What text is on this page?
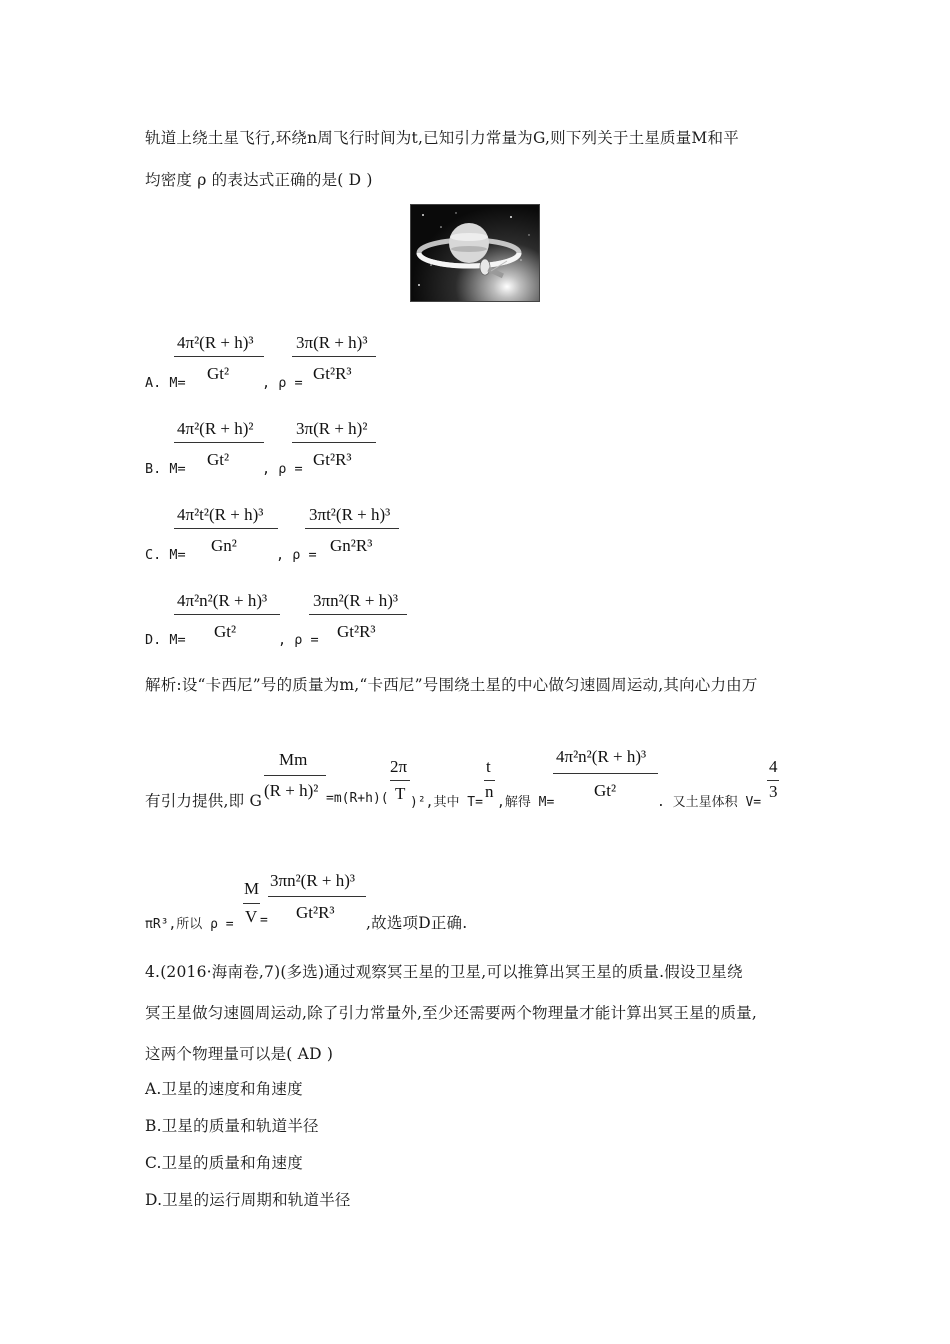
轨道上绕土星飞行,环绕n周飞行时间为t,已知引力常量为G,则下列关于土星质量M和平
均密度 ρ 的表达式正确的是( D )
4π²(R + h)³
Gt²
3π(R + h)³
Gt²R³
A. M=	, ρ =
4π²(R + h)²
Gt²
3π(R + h)²
Gt²R³
B. M=	, ρ =
4π²t²(R + h)³
Gn²
3πt²(R + h)³
Gn²R³
C. M=	, ρ =
4π²n²(R + h)³
Gt²
3πn²(R + h)³
Gt²R³
D. M=	, ρ =
解析:设“卡西尼”号的质量为m,“卡西尼”号围绕土星的中心做匀速圆周运动,其向心力由万
Mm
(R + h)²
2π
T
t
n
4π²n²(R + h)³
Gt²
4
3
有引力提供,即 G	=m(R+h)( )²,其中 T= ,解得 M=	. 又土星体积 V=
M
V
3πn²(R + h)³
Gt²R³
πR³,所以 ρ = =	,故选项D正确.
4.(2016·海南卷,7)(多选)通过观察冥王星的卫星,可以推算出冥王星的质量.假设卫星绕
冥王星做匀速圆周运动,除了引力常量外,至少还需要两个物理量才能计算出冥王星的质量,
这两个物理量可以是( AD )
A.卫星的速度和角速度
B.卫星的质量和轨道半径
C.卫星的质量和角速度
D.卫星的运行周期和轨道半径
